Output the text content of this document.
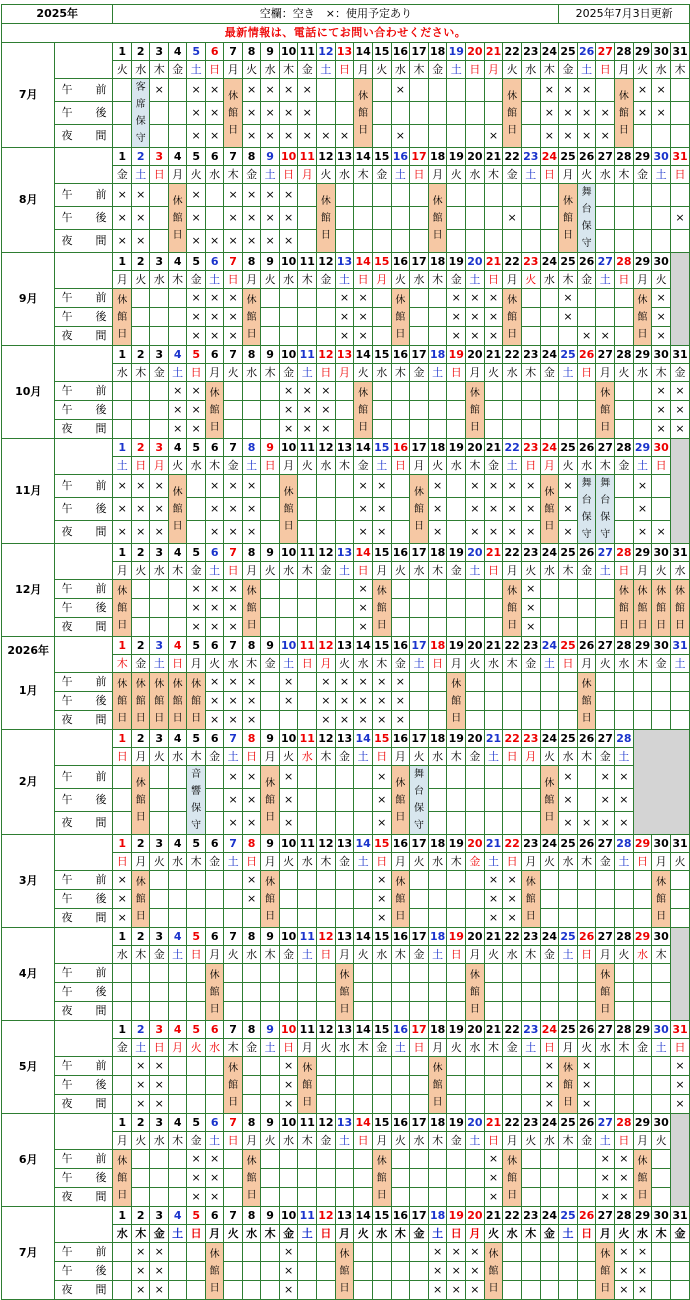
2025年		空欄：空き　×：使用予定あり																								2025年7月3日更新						
最新情報は、電話にてお問い合わせください。																																
7月		1	2	3	4	5	6	7	8	9	10	11	12	13	14	15	16	17	18	19	20	21	22	23	24	25	26	27	28	29	30	31
		火	水	木	金	土	日	月	火	水	木	金	土	日	月	火	水	木	金	土	日	月	火	水	木	金	土	日	月	火	水	木
	午　前		客席保守	×		×	×	休館日	×	×	×	×			休館日		×						休館日		×	×	×		休館日	×	×	
	午　後					×	×		×	×	×	×													×	×	×	×		×	×	
	夜　間					×	×		×	×	×	×	×	×			×					×			×	×	×	×				
8月		1	2	3	4	5	6	7	8	9	10	11	12	13	14	15	16	17	18	19	20	21	22	23	24	25	26	27	28	29	30	31
		金	土	日	月	火	水	木	金	土	日	月	火	水	木	金	土	日	月	火	水	木	金	土	日	月	火	水	木	金	土	日
	午　前	×	×		休館日	×		×	×	×	×		休館日						休館日							休館日	舞台保守					
	午　後	×	×			×		×	×	×	×												×									×
	夜　間	×	×			×	×	×	×	×	×																					
9月		1	2	3	4	5	6	7	8	9	10	11	12	13	14	15	16	17	18	19	20	21	22	23	24	25	26	27	28	29	30	
		月	火	水	木	金	土	日	月	火	水	木	金	土	日	月	火	水	木	金	土	日	月	火	水	木	金	土	日	月	火	
	午　前	休館日				×	×	×	休館日					×	×		休館日			×	×	×	休館日			×				休館日	×	
	午　後					×	×	×						×	×					×	×	×				×					×	
	夜　間					×	×	×						×	×					×	×	×					×	×			×	
10月		1	2	3	4	5	6	7	8	9	10	11	12	13	14	15	16	17	18	19	20	21	22	23	24	25	26	27	28	29	30	31
		水	木	金	土	日	月	火	水	木	金	土	日	月	火	水	木	金	土	日	月	火	水	木	金	土	日	月	火	水	木	金
	午　前				×	×	休館日				×	×	×		休館日						休館日							休館日			×	×
	午　後				×	×					×	×	×																		×	×
	夜　間				×	×					×	×	×																		×	×
11月		1	2	3	4	5	6	7	8	9	10	11	12	13	14	15	16	17	18	19	20	21	22	23	24	25	26	27	28	29	30	
		土	日	月	火	水	木	金	土	日	月	火	水	木	金	土	日	月	火	水	木	金	土	日	月	火	水	木	金	土	日	
	午　前	×	×	×	休館日		×	×	×		休館日				×	×		休館日	×		×	×	×	×	休館日	×	舞台保守	舞台保守		×		
	午　後	×	×	×			×	×	×						×	×			×		×	×	×	×		×				×		
	夜　間	×	×	×			×	×	×						×	×			×		×	×	×	×		×				×	×	
12月		1	2	3	4	5	6	7	8	9	10	11	12	13	14	15	16	17	18	19	20	21	22	23	24	25	26	27	28	29	30	31
		月	火	水	木	金	土	日	月	火	水	木	金	土	日	月	火	水	木	金	土	日	月	火	水	木	金	土	日	月	火	水
	午　前	休館日				×	×	×	休館日						×	休館日							休館日	×					休館日	休館日	休館日	休館日
	午　後					×	×	×							×									×								
	夜　間					×	×	×							×									×								

2026年
1月		1	2	3	4	5	6	7	8	9	10	11	12	13	14	15	16	17	18	19	20	21	22	23	24	25	26	27	28	29	30	31
		木	金	土	日	月	火	水	木	金	土	日	月	火	水	木	金	土	日	月	火	水	木	金	土	日	月	火	水	木	金	土
	午　前	休館日	休館日	休館日	休館日	休館日	×	×	×		×		×	×	×	×	×			休館日							休館日					
	午　後						×	×	×		×		×	×	×	×	×															
	夜　間						×	×	×				×	×	×	×	×															
2月		1	2	3	4	5	6	7	8	9	10	11	12	13	14	15	16	17	18	19	20	21	22	23	24	25	26	27	28			
		日	月	火	水	木	金	土	日	月	火	水	木	金	土	日	月	火	水	木	金	土	日	月	火	水	木	金	土			
	午　前		休館日			音響保守		×	×	休館日	×					×	休館日	舞台保守							休館日	×		×	×			
	午　後							×	×		×					×										×		×	×			
	夜　間							×	×		×					×										×	×	×	×			
3月		1	2	3	4	5	6	7	8	9	10	11	12	13	14	15	16	17	18	19	20	21	22	23	24	25	26	27	28	29	30	31
		日	月	火	水	木	金	土	日	月	火	水	木	金	土	日	月	火	水	木	金	土	日	月	火	水	木	金	土	日	月	火
	午　前	×	休館日						×	休館日						×	休館日					×	×	休館日							休館日	
	午　後	×							×							×						×	×									
	夜　間	×														×						×	×									
4月		1	2	3	4	5	6	7	8	9	10	11	12	13	14	15	16	17	18	19	20	21	22	23	24	25	26	27	28	29	30	
		水	木	金	土	日	月	火	水	木	金	土	日	月	火	水	木	金	土	日	月	火	水	木	金	土	日	月	火	水	木	
	午　前						休館日							休館日							休館日							休館日				
	午　後																															
	夜　間																															
5月		1	2	3	4	5	6	7	8	9	10	11	12	13	14	15	16	17	18	19	20	21	22	23	24	25	26	27	28	29	30	31
		金	土	日	月	火	水	木	金	土	日	月	火	水	木	金	土	日	月	火	水	木	金	土	日	月	火	水	木	金	土	日
	午　前		×	×				休館日			×	休館日							休館日						×	休館日	×					×
	午　後		×	×							×														×		×					×
	夜　間		×	×							×														×		×					×
6月		1	2	3	4	5	6	7	8	9	10	11	12	13	14	15	16	17	18	19	20	21	22	23	24	25	26	27	28	29	30	
		月	火	水	木	金	土	日	月	火	水	木	金	土	日	月	火	水	木	金	土	日	月	火	水	木	金	土	日	月	火	
	午　前	休館日				×	×		休館日							休館日						×	休館日					×	×	休館日		
	午　後					×	×															×						×	×			
	夜　間					×	×															×						×	×			
7月		1	2	3	4	5	6	7	8	9	10	11	12	13	14	15	16	17	18	19	20	21	22	23	24	25	26	27	28	29	30	31
		水	木	金	土	日	月	火	水	木	金	土	日	月	火	水	木	金	土	日	月	火	水	木	金	土	日	月	火	水	木	金
	午　前		×	×			休館日				×			休館日					×	×	×	休館日						休館日	×	×		
	午　後		×	×							×								×	×	×								×	×		
	夜　間		×	×							×								×	×	×								×	×		
